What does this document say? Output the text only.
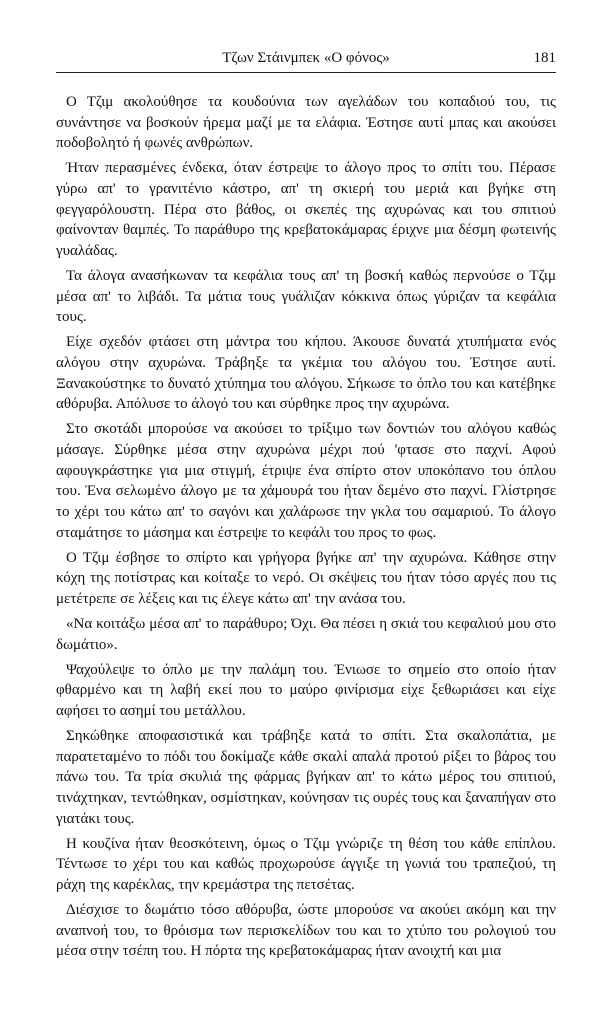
Τζων Στάινμπεκ «Ο φόνος»	181

Ο Τζιμ ακολούθησε τα κουδούνια των αγελάδων του κοπαδιού του, τις συνάντησε να βοσκούν ήρεμα μαζί με τα ελάφια. Έστησε αυτί μπας και ακούσει ποδοβολητό ή φωνές ανθρώπων.

Ήταν περασμένες ένδεκα, όταν έστρεψε το άλογο προς το σπίτι του. Πέρασε γύρω απ' το γρανιτένιο κάστρο, απ' τη σκιερή του μεριά και βγήκε στη φεγγαρόλουστη. Πέρα στο βάθος, οι σκεπές της αχυρώνας και του σπιτιού φαίνονταν θαμπές. Το παράθυρο της κρεβατοκάμαρας έριχνε μια δέσμη φωτεινής γυαλάδας.

Τα άλογα ανασήκωναν τα κεφάλια τους απ' τη βοσκή καθώς περνούσε ο Τζιμ μέσα απ' το λιβάδι. Τα μάτια τους γυάλιζαν κόκκινα όπως γύριζαν τα κεφάλια τους.

Είχε σχεδόν φτάσει στη μάντρα του κήπου. Άκουσε δυνατά χτυπήματα ενός αλόγου στην αχυρώνα. Τράβηξε τα γκέμια του αλόγου του. Έστησε αυτί. Ξανακούστηκε το δυνατό χτύπημα του αλόγου. Σήκωσε το όπλο του και κατέβηκε αθόρυβα. Απόλυσε το άλογό του και σύρθηκε προς την αχυρώνα.

Στο σκοτάδι μπορούσε να ακούσει το τρίξιμο των δοντιών του αλόγου καθώς μάσαγε. Σύρθηκε μέσα στην αχυρώνα μέχρι πού 'φτασε στο παχνί. Αφού αφουγκράστηκε για μια στιγμή, έτριψε ένα σπίρτο στον υποκόπανο του όπλου του. Ένα σελωμένο άλογο με τα χάμουρά του ήταν δεμένο στο παχνί. Γλίστρησε το χέρι του κάτω απ' το σαγόνι και χαλάρωσε την γκλα του σαμαριού. Το άλογο σταμάτησε το μάσημα και έστρεψε το κεφάλι του προς το φως.

Ο Τζιμ έσβησε το σπίρτο και γρήγορα βγήκε απ' την αχυρώνα. Κάθησε στην κόχη της ποτίστρας και κοίταξε το νερό. Οι σκέψεις του ήταν τόσο αργές που τις μετέτρεπε σε λέξεις και τις έλεγε κάτω απ' την ανάσα του.

«Να κοιτάξω μέσα απ' το παράθυρο; Όχι. Θα πέσει η σκιά του κεφαλιού μου στο δωμάτιο».

Ψαχούλεψε το όπλο με την παλάμη του. Ένιωσε το σημείο στο οποίο ήταν φθαρμένο και τη λαβή εκεί που το μαύρο φινίρισμα είχε ξεθωριάσει και είχε αφήσει το ασημί του μετάλλου.

Σηκώθηκε αποφασιστικά και τράβηξε κατά το σπίτι. Στα σκαλοπάτια, με παρατεταμένο το πόδι του δοκίμαζε κάθε σκαλί απαλά προτού ρίξει το βάρος του πάνω του. Τα τρία σκυλιά της φάρμας βγήκαν απ' το κάτω μέρος του σπιτιού, τινάχτηκαν, τεντώθηκαν, οσμίστηκαν, κούνησαν τις ουρές τους και ξαναπήγαν στο γιατάκι τους.

Η κουζίνα ήταν θεοσκότεινη, όμως ο Τζιμ γνώριζε τη θέση του κάθε επίπλου. Τέντωσε το χέρι του και καθώς προχωρούσε άγγιξε τη γωνιά του τραπεζιού, τη ράχη της καρέκλας, την κρεμάστρα της πετσέτας.

Διέσχισε το δωμάτιο τόσο αθόρυβα, ώστε μπορούσε να ακούει ακόμη και την αναπνοή του, το θρόισμα των περισκελίδων του και το χτύπο του ρολογιού του μέσα στην τσέπη του. Η πόρτα της κρεβατοκάμαρας ήταν ανοιχτή και μια
